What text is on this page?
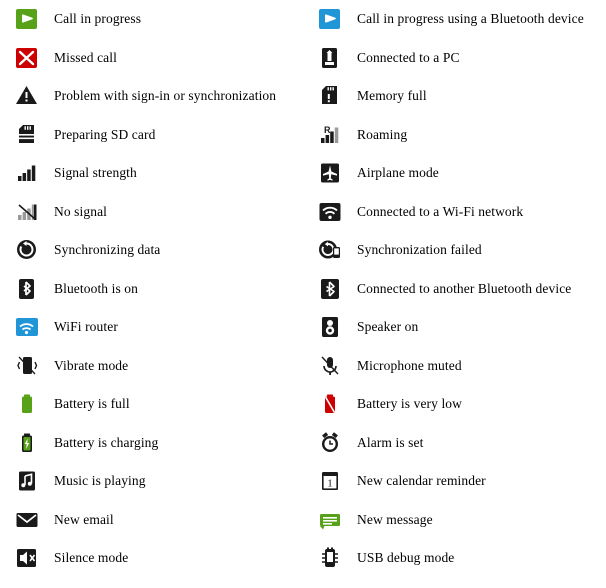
Call in progress
Missed call
Problem with sign-in or synchronization
Preparing SD card
Signal strength
No signal
Synchronizing data
Bluetooth is on
WiFi router
Vibrate mode
Battery is full
Battery is charging
Music is playing
New email
Silence mode
Call in progress using a Bluetooth device
Connected to a PC
Memory full
R Roaming
Airplane mode
Connected to a Wi-Fi network
Synchronization failed
Connected to another Bluetooth device
Speaker on
Microphone muted
Battery is very low
Alarm is set
1 New calendar reminder
New message
USB debug mode
